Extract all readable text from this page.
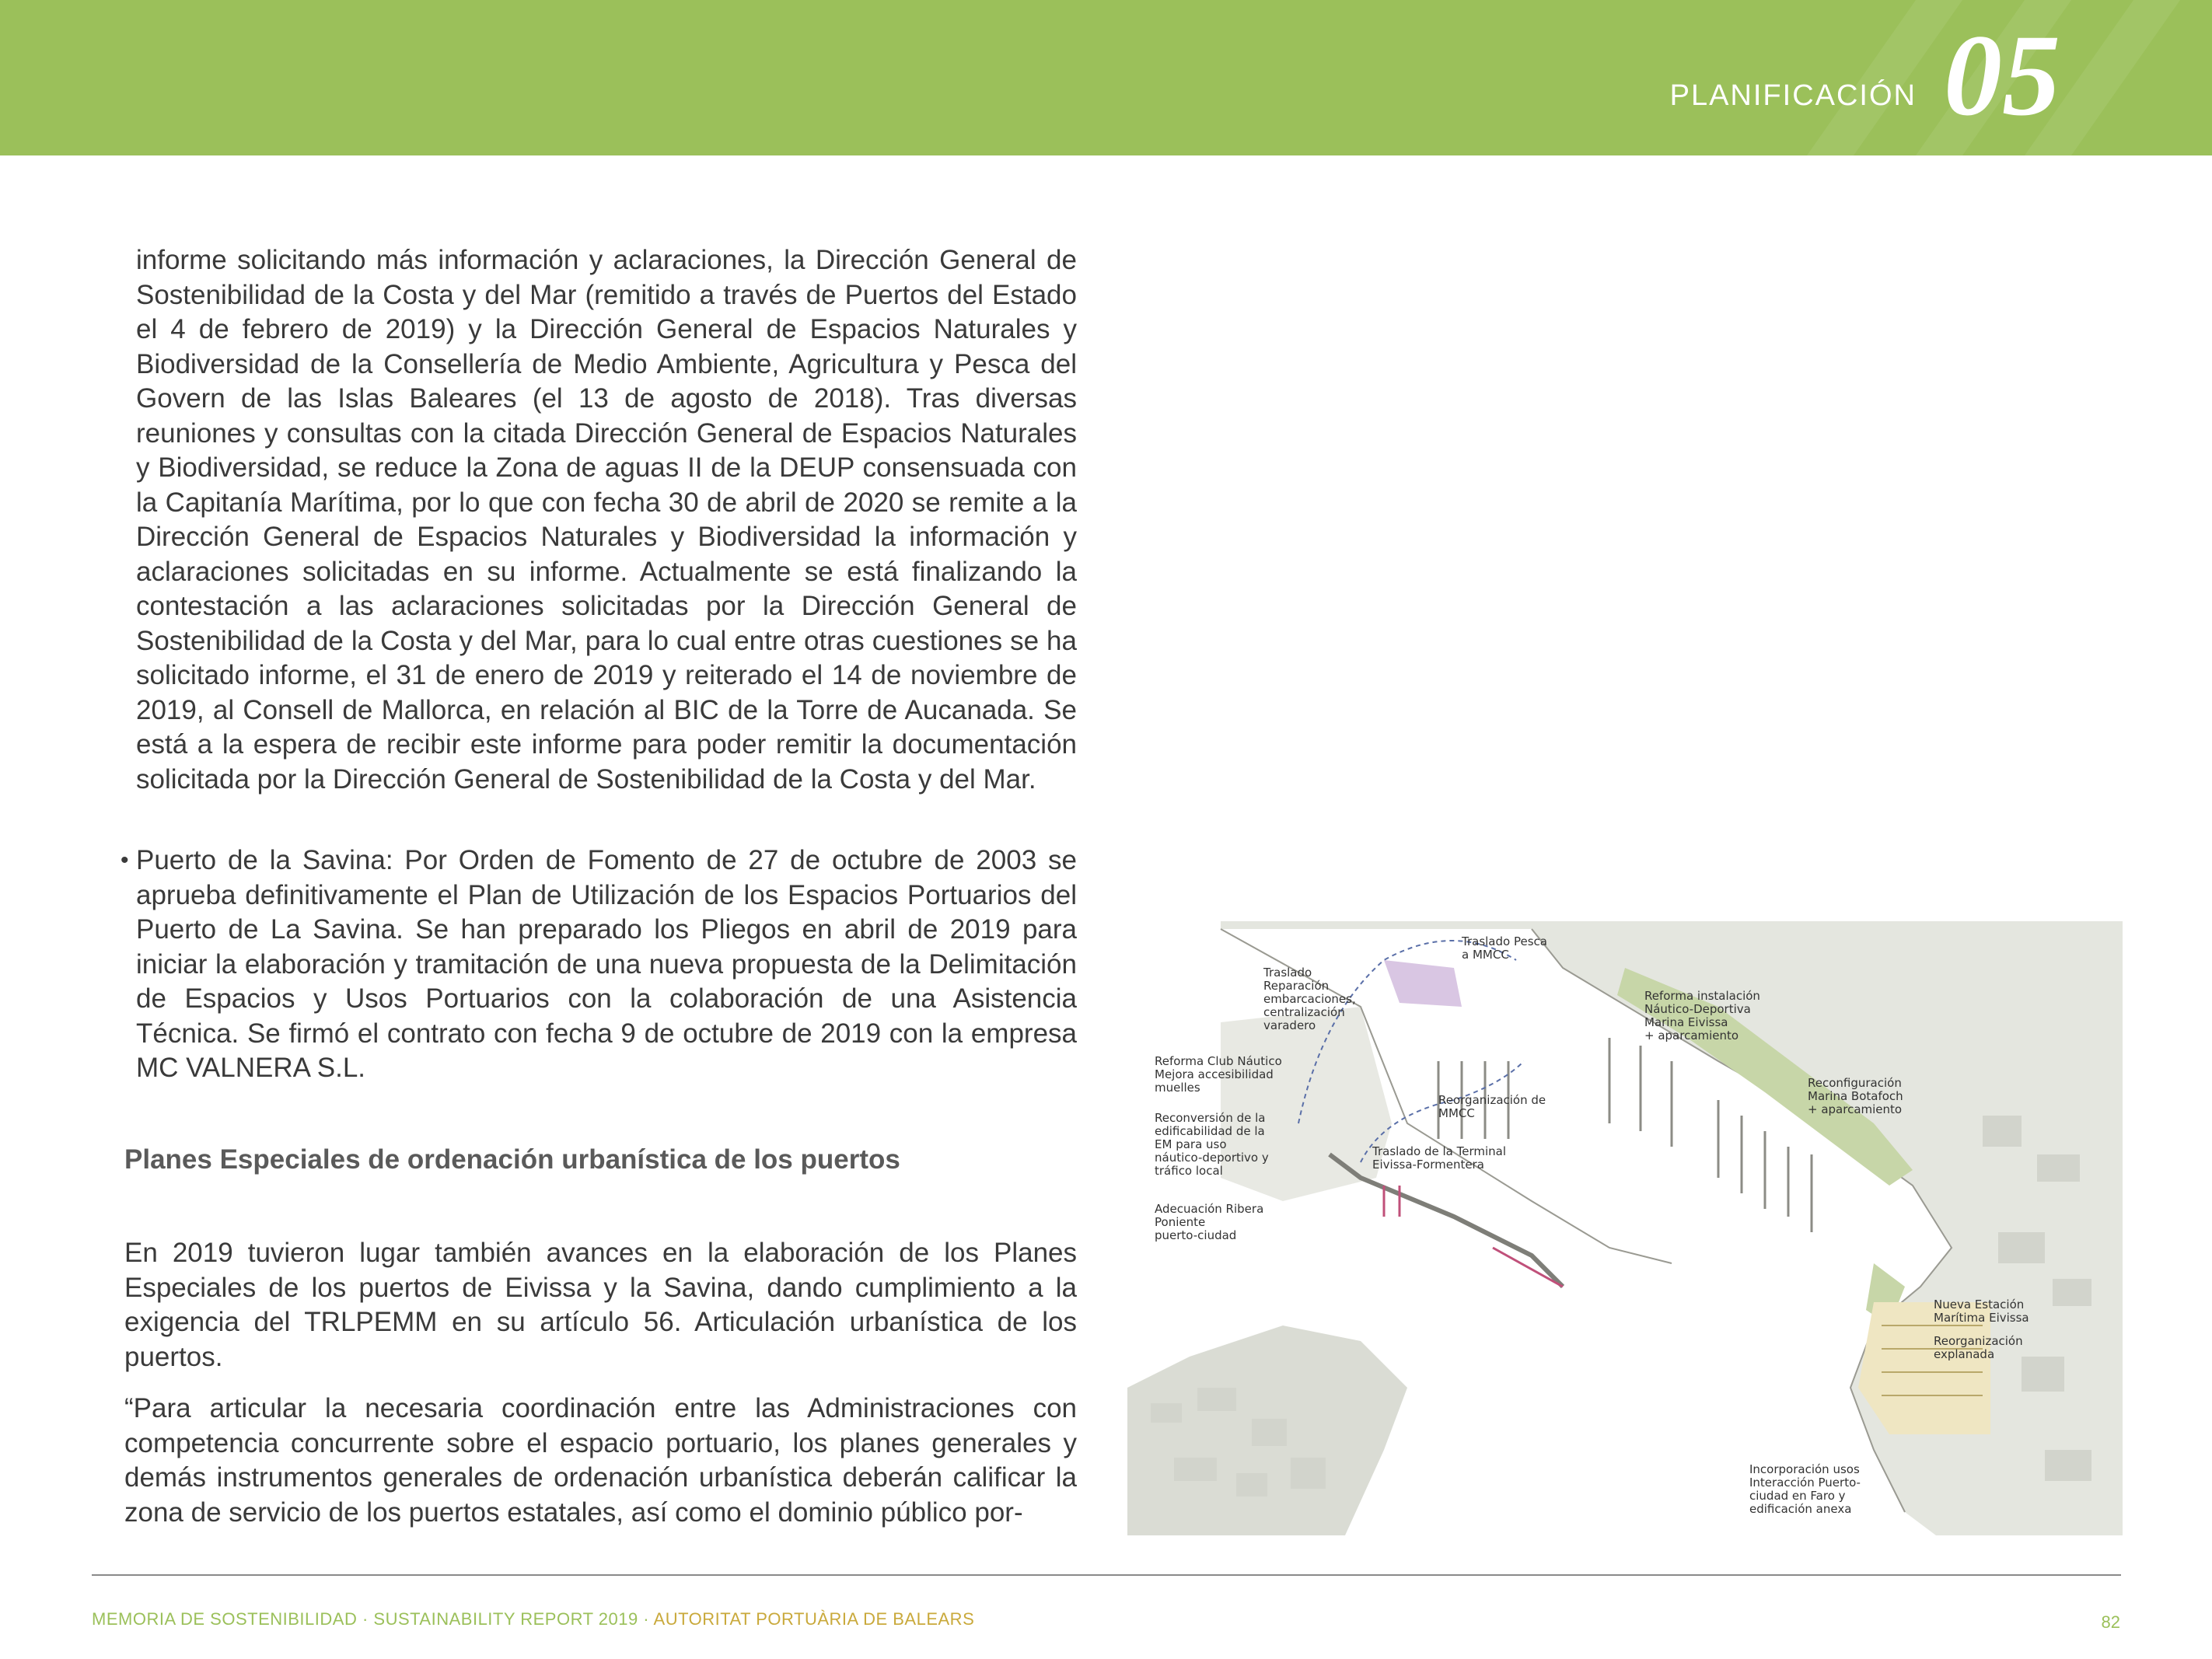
PLANIFICACIÓN 05

informe solicitando más información y aclaraciones, la Dirección General de Sostenibilidad de la Costa y del Mar (remitido a través de Puertos del Estado el 4 de febrero de 2019) y la Dirección General de Espacios Naturales y Biodiversidad de la Consellería de Medio Ambiente, Agricultura y Pesca del Govern de las Islas Baleares (el 13 de agosto de 2018). Tras diversas reuniones y consultas con la citada Dirección General de Espacios Naturales y Biodiversidad, se reduce la Zona de aguas II de la DEUP consensuada con la Capitanía Marítima, por lo que con fecha 30 de abril de 2020 se remite a la Dirección General de Espacios Naturales y Biodiversidad la información y aclaraciones solicitadas en su informe. Actualmente se está finalizando la contestación a las aclaraciones solicitadas por la Dirección General de Sostenibilidad de la Costa y del Mar, para lo cual entre otras cuestiones se ha solicitado informe, el 31 de enero de 2019 y reiterado el 14 de noviembre de 2019, al Consell de Mallorca, en relación al BIC de la Torre de Aucanada. Se está a la espera de recibir este informe para poder remitir la documentación solicitada por la Dirección General de Sostenibilidad de la Costa y del Mar.

• Puerto de la Savina: Por Orden de Fomento de 27 de octubre de 2003 se aprueba definitivamente el Plan de Utilización de los Espacios Portuarios del Puerto de La Savina. Se han preparado los Pliegos en abril de 2019 para iniciar la elaboración y tramitación de una nueva propuesta de la Delimitación de Espacios y Usos Portuarios con la colaboración de una Asistencia Técnica. Se firmó el contrato con fecha 9 de octubre de 2019 con la empresa MC VALNERA S.L.

Planes Especiales de ordenación urbanística de los puertos

En 2019 tuvieron lugar también avances en la elaboración de los Planes Especiales de los puertos de Eivissa y la Savina, dando cumplimiento a la exigencia del TRLPEMM en su artículo 56. Articulación urbanística de los puertos.

“Para articular la necesaria coordinación entre las Administraciones con competencia concurrente sobre el espacio portuario, los planes generales y demás instrumentos generales de ordenación urbanística deberán calificar la zona de servicio de los puertos estatales, así como el dominio público por-

Traslado
Reparación
embarcaciones,
centralización
varadero
Traslado Pesca
a MMCC
Reforma instalación
Náutico-Deportiva
Marina Eivissa
+ aparcamiento
Reforma Club Náutico
Mejora accesibilidad
muelles
Reconversión de la
edificabilidad de la
EM para uso
náutico-deportivo y
tráfico local
Reorganización de
MMCC
Reconfiguración
Marina Botafoch
+ aparcamiento
Traslado de la Terminal
Eivissa-Formentera
Adecuación Ribera
Poniente
puerto-ciudad
Nueva Estación
Marítima Eivissa
Reorganización
explanada
Incorporación usos
Interacción Puerto-
ciudad en Faro y
edificación anexa
MEMORIA DE SOSTENIBILIDAD · SUSTAINABILITY REPORT 2019 · AUTORITAT PORTUÀRIA DE BALEARS	82
